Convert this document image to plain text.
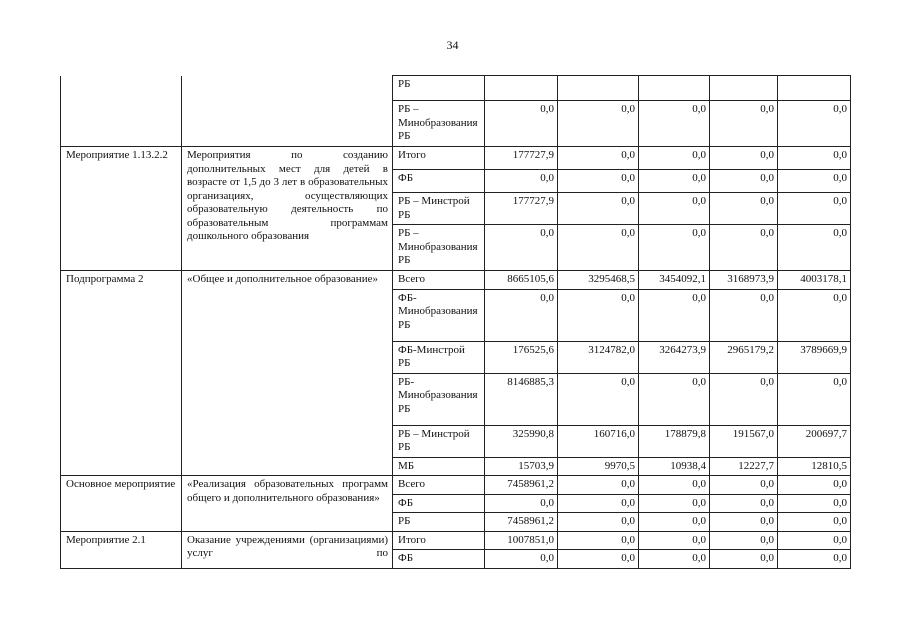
34
		РБ					
		РБ – Минобразования РБ	0,0	0,0	0,0	0,0	0,0
Мероприятие 1.13.2.2	Мероприятия по созданию дополнительных мест для детей в возрасте от 1,5 до 3 лет в образовательных организациях, осуществляющих образовательную деятельность по образовательным программам дошкольного образования	Итого	177727,9	0,0	0,0	0,0	0,0
		ФБ	0,0	0,0	0,0	0,0	0,0
		РБ – Минстрой РБ	177727,9	0,0	0,0	0,0	0,0
		РБ – Минобразования РБ	0,0	0,0	0,0	0,0	0,0
Подпрограмма 2	«Общее и дополнительное образование»	Всего	8665105,6	3295468,5	3454092,1	3168973,9	4003178,1
		ФБ-Минобразования РБ	0,0	0,0	0,0	0,0	0,0
		ФБ-Минстрой РБ	176525,6	3124782,0	3264273,9	2965179,2	3789669,9
		РБ-Минобразования РБ	8146885,3	0,0	0,0	0,0	0,0
		РБ – Минстрой РБ	325990,8	160716,0	178879,8	191567,0	200697,7
		МБ	15703,9	9970,5	10938,4	12227,7	12810,5
Основное мероприятие	«Реализация образовательных программ общего и дополнительного образования»	Всего	7458961,2	0,0	0,0	0,0	0,0
		ФБ	0,0	0,0	0,0	0,0	0,0
		РБ	7458961,2	0,0	0,0	0,0	0,0
Мероприятие 2.1	Оказание учреждениями (организациями) услуг по	Итого	1007851,0	0,0	0,0	0,0	0,0
		ФБ	0,0	0,0	0,0	0,0	0,0
